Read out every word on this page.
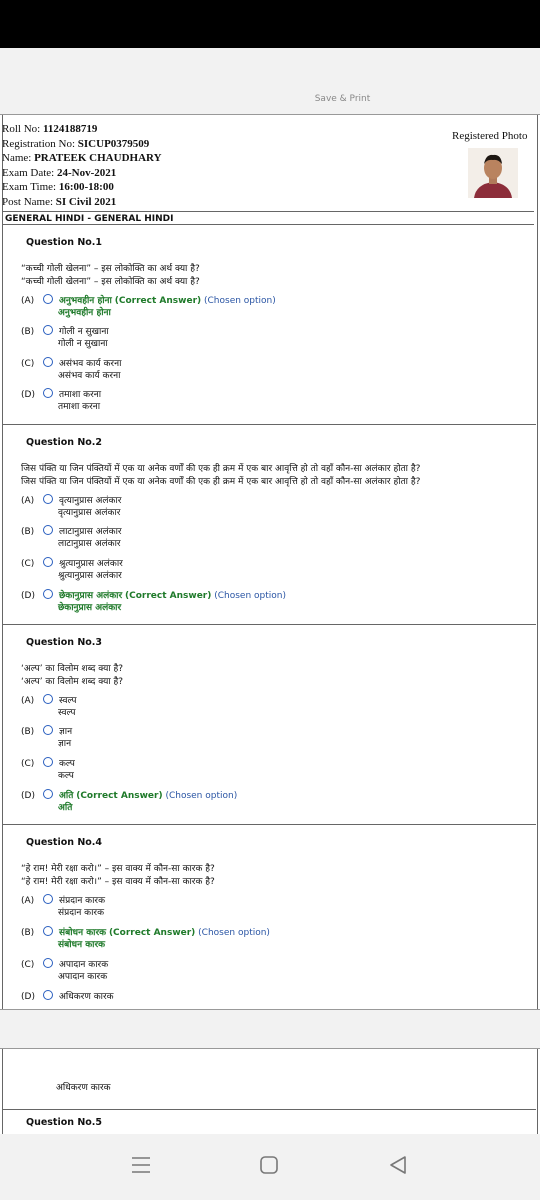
Save & Print
Roll No: 1124188719
Registration No: SICUP0379509
Name: PRATEEK CHAUDHARY
Exam Date: 24-Nov-2021
Exam Time: 16:00-18:00
Post Name: SI Civil 2021
Registered Photo
GENERAL HINDI - GENERAL HINDI
Question No.1
“कच्ची गोली खेलना” – इस लोकोक्ति का अर्थ क्या है?
“कच्ची गोली खेलना” – इस लोकोक्ति का अर्थ क्या है?
(A)	अनुभवहीन होना (Correct Answer) (Chosen option)
अनुभवहीन होना
(B)	गोली न सुखाना
गोली न सुखाना
(C)	असंभव कार्य करना
असंभव कार्य करना
(D)	तमाशा करना
तमाशा करना
Question No.2
जिस पंक्ति या जिन पंक्तियों में एक या अनेक वर्णों की एक ही क्रम में एक बार आवृत्ति हो तो वहाँ कौन-सा अलंकार होता है?
जिस पंक्ति या जिन पंक्तियों में एक या अनेक वर्णों की एक ही क्रम में एक बार आवृत्ति हो तो वहाँ कौन-सा अलंकार होता है?
(A)	वृत्यानुप्रास अलंकार
वृत्यानुप्रास अलंकार
(B)	लाटानुप्रास अलंकार
लाटानुप्रास अलंकार
(C)	श्रुत्यानुप्रास अलंकार
श्रुत्यानुप्रास अलंकार
(D)	छेकानुप्रास अलंकार (Correct Answer) (Chosen option)
छेकानुप्रास अलंकार
Question No.3
‘अल्प’ का विलोम शब्द क्या है?
‘अल्प’ का विलोम शब्द क्या है?
(A)	स्वल्प
स्वल्प
(B)	ज्ञान
ज्ञान
(C)	कल्प
कल्प
(D)	अति (Correct Answer) (Chosen option)
अति
Question No.4
“हे राम! मेरी रक्षा करो।” – इस वाक्य में कौन-सा कारक है?
“हे राम! मेरी रक्षा करो।” – इस वाक्य में कौन-सा कारक है?
(A)	संप्रदान कारक
संप्रदान कारक
(B)	संबोधन कारक (Correct Answer) (Chosen option)
संबोधन कारक
(C)	अपादान कारक
अपादान कारक
(D)	अधिकरण कारक
अधिकरण कारक
Question No.5
